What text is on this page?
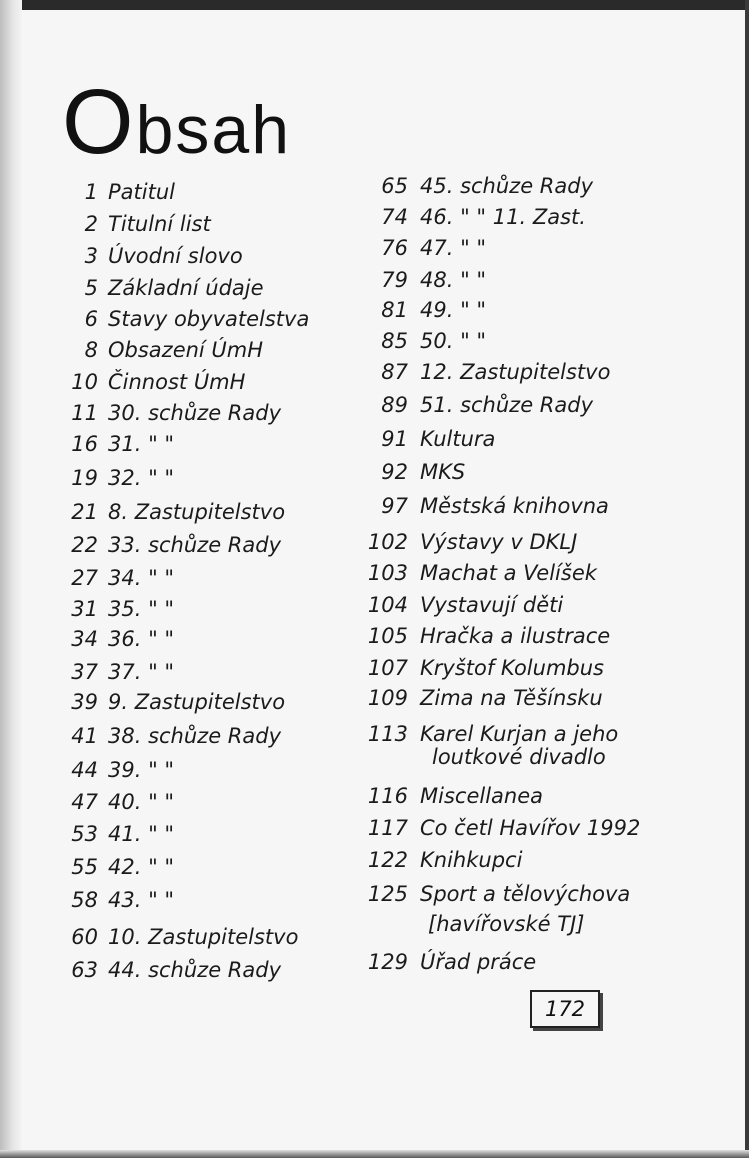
Obsah
1 Patitul
2 Titulní list
3 Úvodní slovo
5 Základní údaje
6 Stavy obyvatelstva
8 Obsazení ÚmH
10 Činnost ÚmH
11 30. schůze Rady
16 31. " "
19 32. " "
21 8. Zastupitelstvo
22 33. schůze Rady
27 34. " "
31 35. " "
34 36. " "
37 37. " "
39 9. Zastupitelstvo
41 38. schůze Rady
44 39. " "
47 40. " "
53 41. " "
55 42. " "
58 43. " "
60 10. Zastupitelstvo
63 44. schůze Rady
65 45. schůze Rady
74 46. " " 11. Zast.
76 47. " "
79 48. " "
81 49. " "
85 50. " "
87 12. Zastupitelstvo
89 51. schůze Rady
91 Kultura
92 MKS
97 Městská knihovna
102 Výstavy v DKLJ
103 Machat a Velíšek
104 Vystavují děti
105 Hračka a ilustrace
107 Kryštof Kolumbus
109 Zima na Těšínsku
113 Karel Kurjan a jeho
116 Miscellanea
117 Co četl Havířov 1992
122 Knihkupci
125 Sport a tělovýchova
129 Úřad práce
loutkové divadlo
[havířovské TJ]
172
